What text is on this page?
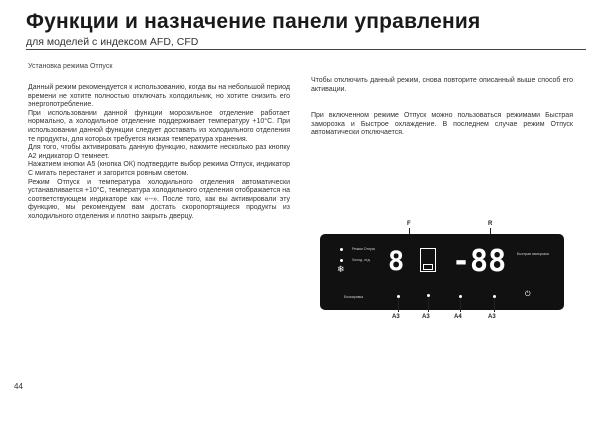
Функции и назначение панели управления
для моделей с индексом AFD, CFD
Установка режима Отпуск

Данный режим рекомендуется к использованию, когда вы на небольшой период времени не хотите полностью отключать холодильник, но хотите снизить его энергопотребление.

При использовании данной функции морозильное отделение работает нормально, а холодильное отделение поддерживает температуру +10°С. При использовании данной функции следует доставать из холодильного отделения те продукты, для которых требуется низкая температура хранения.

Для того, чтобы активировать данную функцию, нажмите несколько раз кнопку А2 индикатор О темнеет.

Нажатием кнопки А5 (кнопка ОК) подтвердите выбор режима Отпуск, индикатор С мигать перестанет и загорится ровным светом.

Режим Отпуск и температура холодильного отделения автоматически устанавливается +10°С, температура холодильного отделения отображается на соответствующем индикаторе как «--». После того, как вы активировали эту функцию, мы рекомендуем вам достать скоропортящиеся продукты из холодильного отделения и плотно закрыть дверцу.

Чтобы отключить данный режим, снова повторите описанный выше способ его активации.

При включенном режиме Отпуск можно пользоваться режимами Быстрая заморозка и Быстрое охлаждение. В последнем случае режим Отпуск автоматически отключается.

F	R
Режим Отпуск
Холод. отд.
❄ 8 -88	Быстрая заморозка
Блокировка	⏻
A3	A3	A4	A3
44
